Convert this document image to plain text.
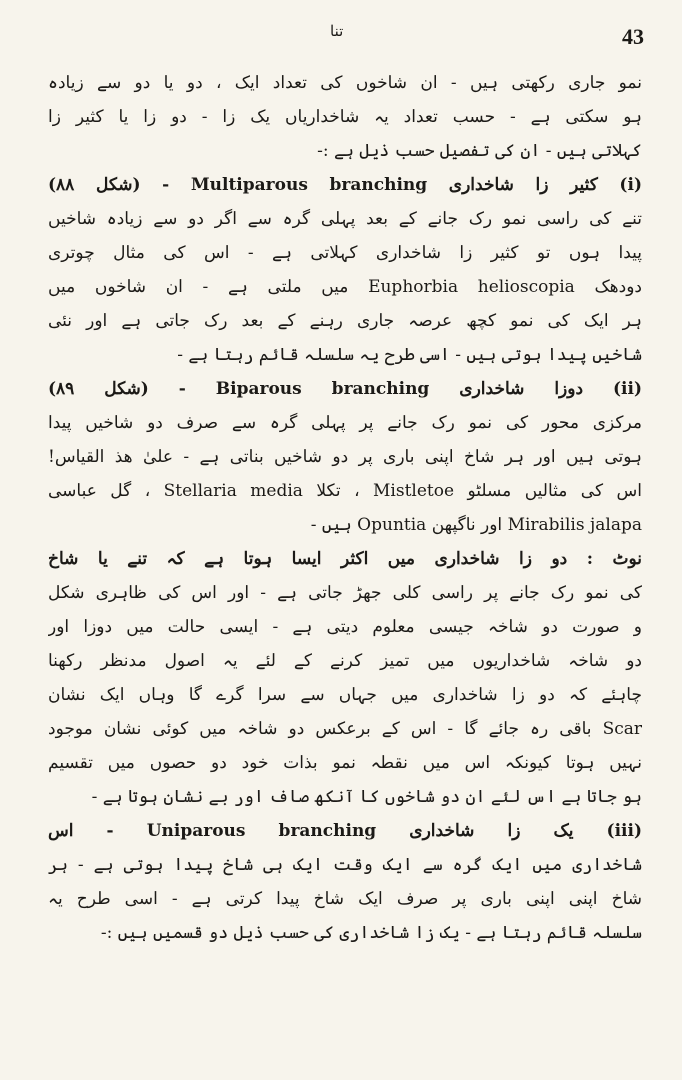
تنا	43
نمو جاری رکھتی ہیں - ان شاخوں کی تعداد ایک ، دو یا دو سے زیادہ
ہو سکتی ہے - حسب تعداد یہ شاخداریاں یک زا - دو زا یا کثیر زا
کہلاتی ہیں - ان کی تفصیل حسب ذیل ہے :-
(i) کثیر زا شاخداری Multiparous branching - (شکل ۸۸)
تنے کی راسی نمو رک جانے کے بعد پہلی گرہ سے اگر دو سے زیادہ شاخیں
پیدا ہوں تو کثیر زا شاخداری کہلاتی ہے - اس کی مثال چوتری
دودھک Euphorbia helioscopia میں ملتی ہے - ان شاخوں میں
ہر ایک کی نمو کچھ عرصہ جاری رہنے کے بعد رک جاتی ہے اور نئی
شاخیں پیدا ہوتی ہیں - اسی طرح یہ سلسلہ قائم رہتا ہے -
(ii) دوزا شاخداری Biparous branching - (شکل ۸۹)
مرکزی محور کی نمو رک جانے پر پہلی گرہ سے صرف دو شاخیں پیدا
ہوتی ہیں اور ہر شاخ اپنی باری پر دو شاخیں بناتی ہے - علیٰ ھذ القیاس!
اس کی مثالیں مسلٹو Mistletoe ، تکلا Stellaria media ، گل عباسی
Mirabilis jalapa اور ناگپھن Opuntia ہیں -
نوٹ : دو زا شاخداری میں اکثر ایسا ہوتا ہے کہ تنے یا شاخ
کی نمو رک جانے پر راسی کلی جھڑ جاتی ہے - اور اس کی ظاہری شکل
و صورت دو شاخہ جیسی معلوم دیتی ہے - ایسی حالت میں دوزا اور
دو شاخہ شاخداریوں میں تمیز کرنے کے لئے یہ اصول مدنظر رکھنا
چاہئے کہ دو زا شاخداری میں جہاں سے سرا گرے گا وہاں ایک نشان
Scar باقی رہ جائے گا - اس کے برعکس دو شاخہ میں کوئی نشان موجود
نہیں ہوتا کیونکہ اس میں نقطہ نمو بذات خود دو حصوں میں تقسیم
ہو جاتا ہے اس لئے ان دو شاخوں کا آنکھ صاف اور بے نشان ہوتا ہے -
(iii) یک زا شاخداری Uniparous branching - اس
شاخداری میں ایک گرہ سے ایک وقت ایک ہی شاخ پیدا ہوتی ہے - ہر
شاخ اپنی اپنی باری پر صرف ایک شاخ پیدا کرتی ہے - اسی طرح یہ
سلسلہ قائم رہتا ہے - یک زا شاخداری کی حسب ذیل دو قسمیں ہیں :-
